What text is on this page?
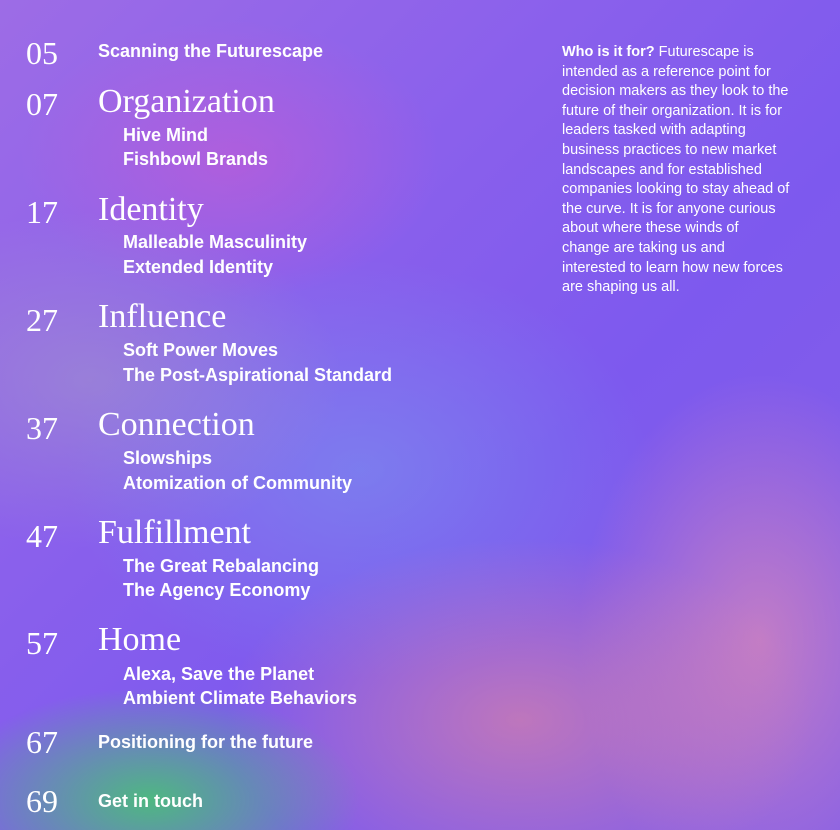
05 Scanning the Futurescape
07 Organization
Hive Mind
Fishbowl Brands
17 Identity
Malleable Masculinity
Extended Identity
27 Influence
Soft Power Moves
The Post-Aspirational Standard
37 Connection
Slowships
Atomization of Community
47 Fulfillment
The Great Rebalancing
The Agency Economy
57 Home
Alexa, Save the Planet
Ambient Climate Behaviors
67 Positioning for the future
69 Get in touch

Who is it for? Futurescape is intended as a reference point for decision makers as they look to the future of their organization. It is for leaders tasked with adapting business practices to new market landscapes and for established companies looking to stay ahead of the curve. It is for anyone curious about where these winds of change are taking us and interested to learn how new forces are shaping us all.
